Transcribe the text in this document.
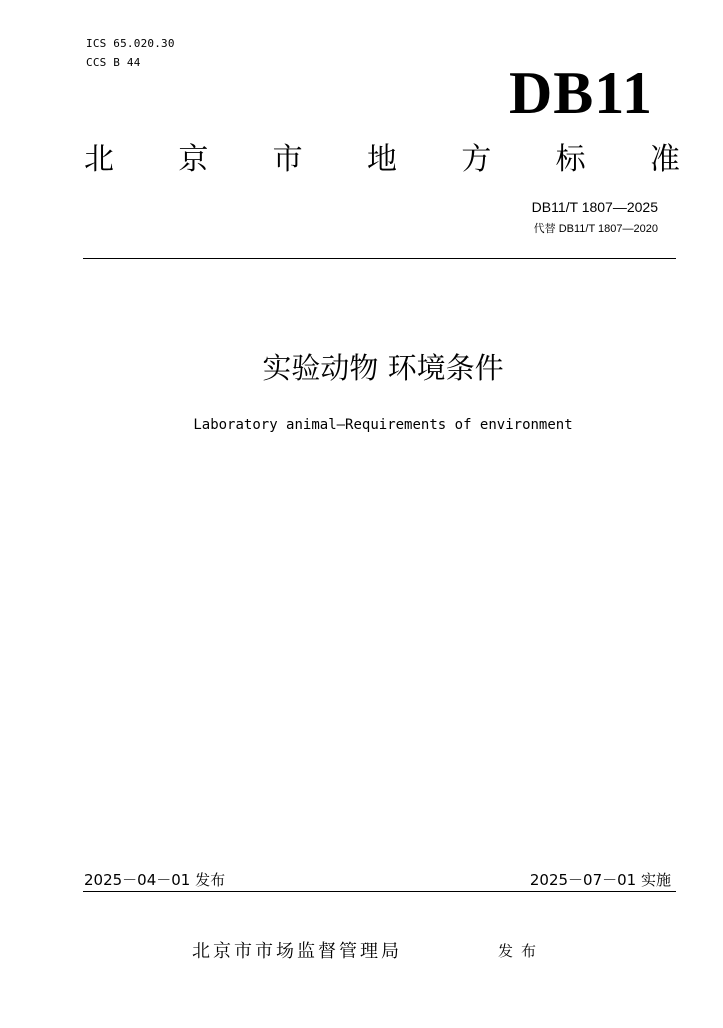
ICS 65.020.30
CCS B 44	DB11
北 京 市 地 方 标 准
DB11/T 1807—2025
代替 DB11/T 1807—2020
实验动物 环境条件
Laboratory animal—Requirements of environment
2025－04－01 发布	2025－07－01 实施
北京市市场监督管理局	发布
